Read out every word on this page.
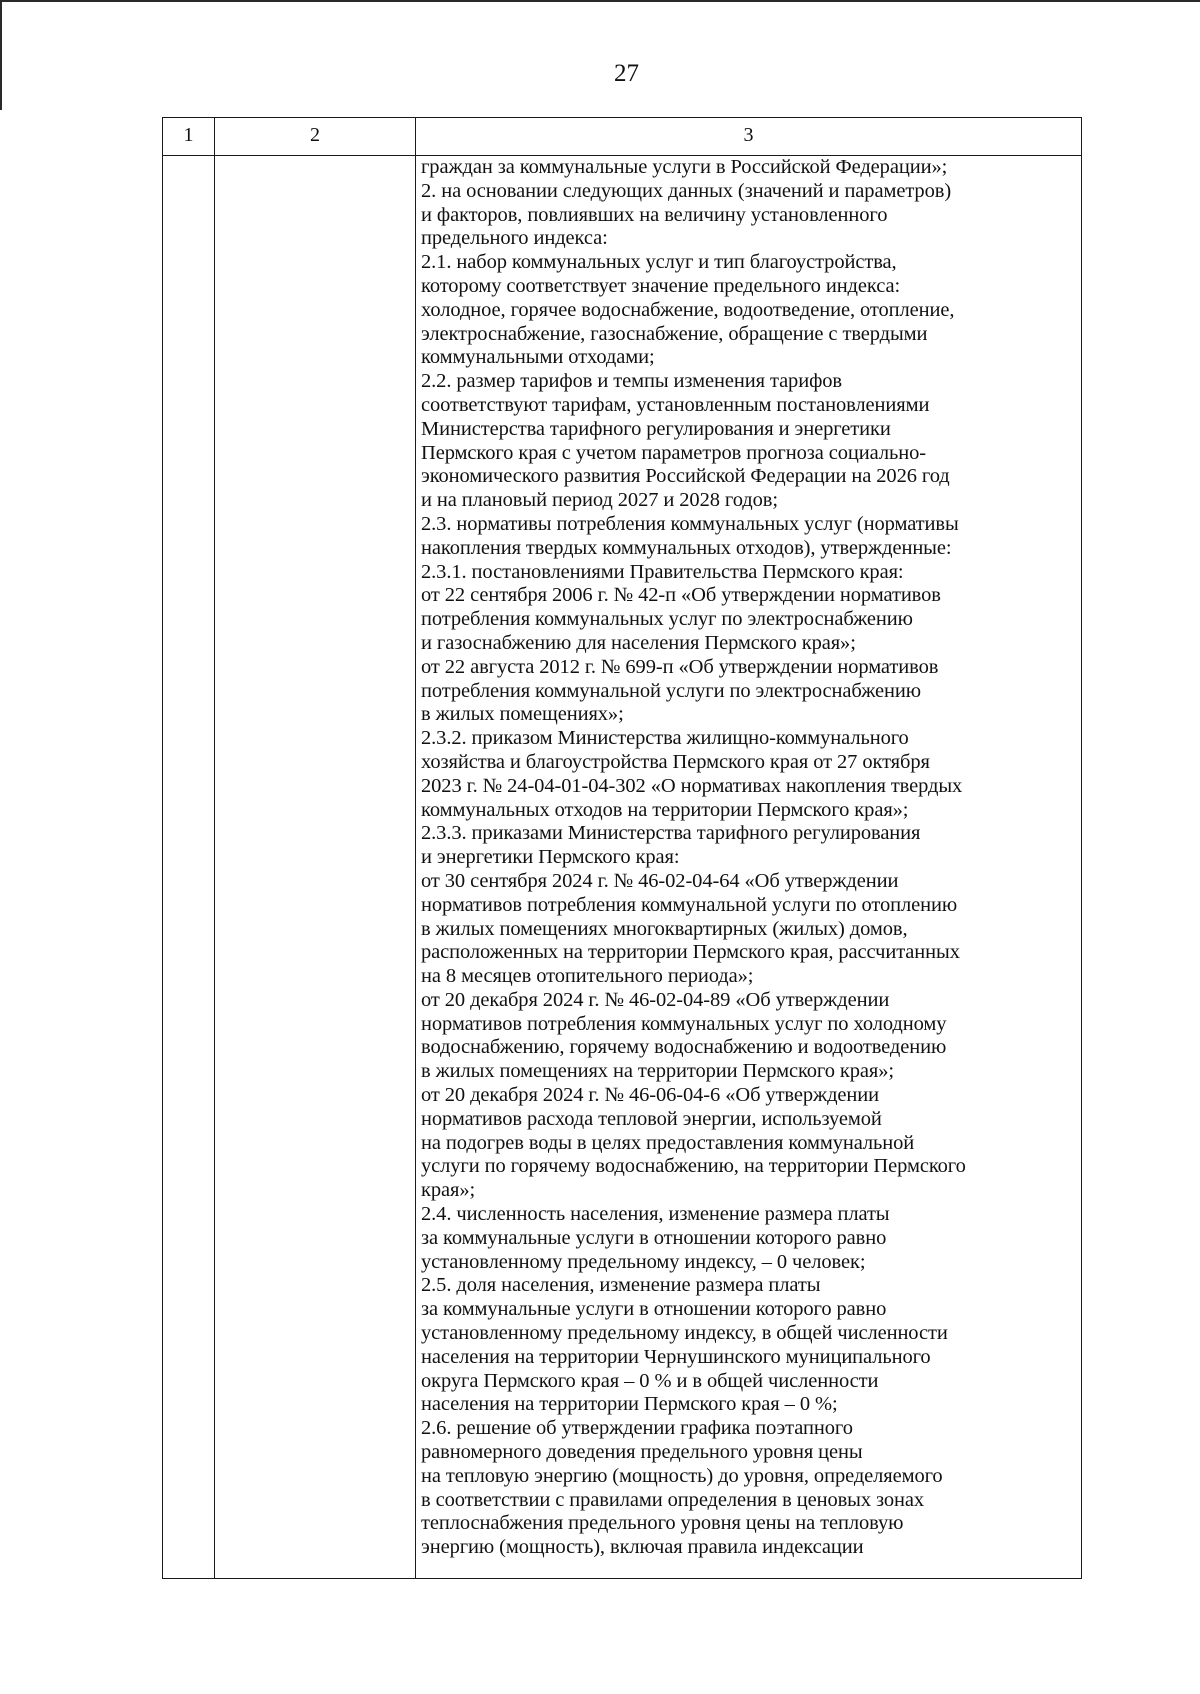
27
1	2	3
граждан за коммунальные услуги в Российской Федерации»;
2. на основании следующих данных (значений и параметров)
и факторов, повлиявших на величину установленного
предельного индекса:
2.1. набор коммунальных услуг и тип благоустройства,
которому соответствует значение предельного индекса:
холодное, горячее водоснабжение, водоотведение, отопление,
электроснабжение, газоснабжение, обращение с твердыми
коммунальными отходами;
2.2. размер тарифов и темпы изменения тарифов
соответствуют тарифам, установленным постановлениями
Министерства тарифного регулирования и энергетики
Пермского края с учетом параметров прогноза социально-
экономического развития Российской Федерации на 2026 год
и на плановый период 2027 и 2028 годов;
2.3. нормативы потребления коммунальных услуг (нормативы
накопления твердых коммунальных отходов), утвержденные:
2.3.1. постановлениями Правительства Пермского края:
от 22 сентября 2006 г. № 42-п «Об утверждении нормативов
потребления коммунальных услуг по электроснабжению
и газоснабжению для населения Пермского края»;
от 22 августа 2012 г. № 699-п «Об утверждении нормативов
потребления коммунальной услуги по электроснабжению
в жилых помещениях»;
2.3.2. приказом Министерства жилищно-коммунального
хозяйства и благоустройства Пермского края от 27 октября
2023 г. № 24-04-01-04-302 «О нормативах накопления твердых
коммунальных отходов на территории Пермского края»;
2.3.3. приказами Министерства тарифного регулирования
и энергетики Пермского края:
от 30 сентября 2024 г. № 46-02-04-64 «Об утверждении
нормативов потребления коммунальной услуги по отоплению
в жилых помещениях многоквартирных (жилых) домов,
расположенных на территории Пермского края, рассчитанных
на 8 месяцев отопительного периода»;
от 20 декабря 2024 г. № 46-02-04-89 «Об утверждении
нормативов потребления коммунальных услуг по холодному
водоснабжению, горячему водоснабжению и водоотведению
в жилых помещениях на территории Пермского края»;
от 20 декабря 2024 г. № 46-06-04-6 «Об утверждении
нормативов расхода тепловой энергии, используемой
на подогрев воды в целях предоставления коммунальной
услуги по горячему водоснабжению, на территории Пермского
края»;
2.4. численность населения, изменение размера платы
за коммунальные услуги в отношении которого равно
установленному предельному индексу, – 0 человек;
2.5. доля населения, изменение размера платы
за коммунальные услуги в отношении которого равно
установленному предельному индексу, в общей численности
населения на территории Чернушинского муниципального
округа Пермского края – 0 % и в общей численности
населения на территории Пермского края – 0 %;
2.6. решение об утверждении графика поэтапного
равномерного доведения предельного уровня цены
на тепловую энергию (мощность) до уровня, определяемого
в соответствии с правилами определения в ценовых зонах
теплоснабжения предельного уровня цены на тепловую
энергию (мощность), включая правила индексации
